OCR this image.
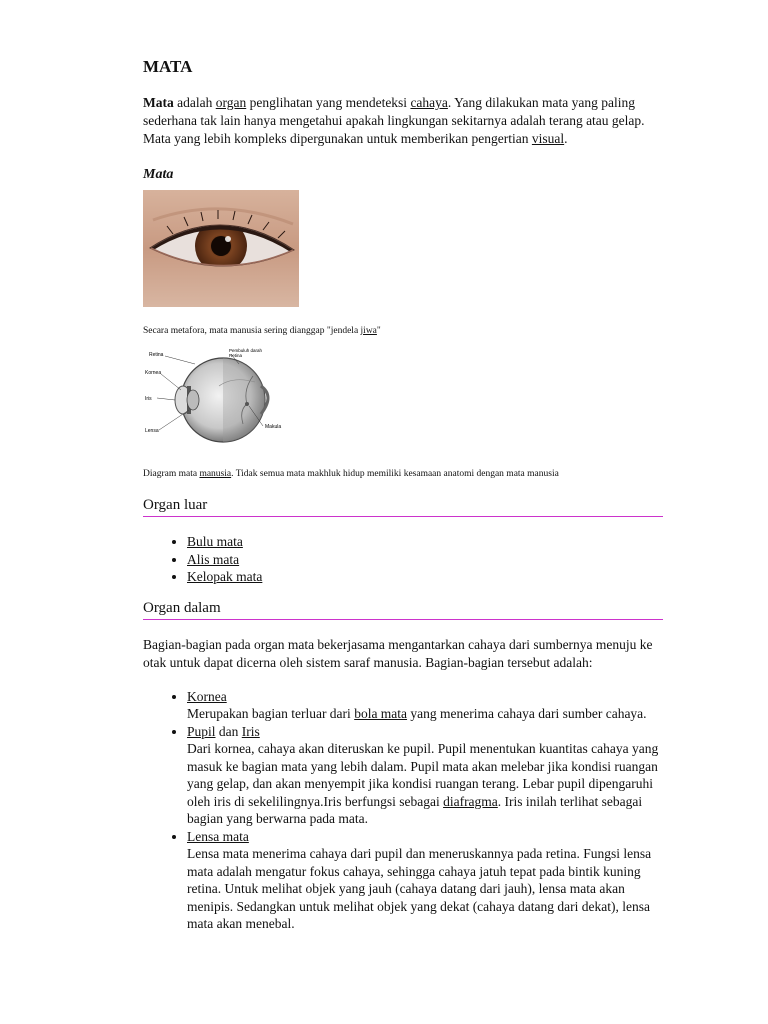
MATA

Mata adalah organ penglihatan yang mendeteksi cahaya. Yang dilakukan mata yang paling sederhana tak lain hanya mengetahui apakah lingkungan sekitarnya adalah terang atau gelap. Mata yang lebih kompleks dipergunakan untuk memberikan pengertian visual.

Mata

Secara metafora, mata manusia sering dianggap "jendela jiwa"

Retina
Pembuluh darah
Retina
Kornea
Iris
Lensa
Makula

Diagram mata manusia. Tidak semua mata makhluk hidup memiliki kesamaan anatomi dengan mata manusia

Organ luar
• Bulu mata
• Alis mata
• Kelopak mata
Organ dalam

Bagian-bagian pada organ mata bekerjasama mengantarkan cahaya dari sumbernya menuju ke otak untuk dapat dicerna oleh sistem saraf manusia. Bagian-bagian tersebut adalah:

• Kornea
Merupakan bagian terluar dari bola mata yang menerima cahaya dari sumber cahaya.
• Pupil dan Iris
Dari kornea, cahaya akan diteruskan ke pupil. Pupil menentukan kuantitas cahaya yang masuk ke bagian mata yang lebih dalam. Pupil mata akan melebar jika kondisi ruangan yang gelap, dan akan menyempit jika kondisi ruangan terang. Lebar pupil dipengaruhi oleh iris di sekelilingnya.Iris berfungsi sebagai diafragma. Iris inilah terlihat sebagai bagian yang berwarna pada mata.
• Lensa mata
Lensa mata menerima cahaya dari pupil dan meneruskannya pada retina. Fungsi lensa mata adalah mengatur fokus cahaya, sehingga cahaya jatuh tepat pada bintik kuning retina. Untuk melihat objek yang jauh (cahaya datang dari jauh), lensa mata akan menipis. Sedangkan untuk melihat objek yang dekat (cahaya datang dari dekat), lensa mata akan menebal.
